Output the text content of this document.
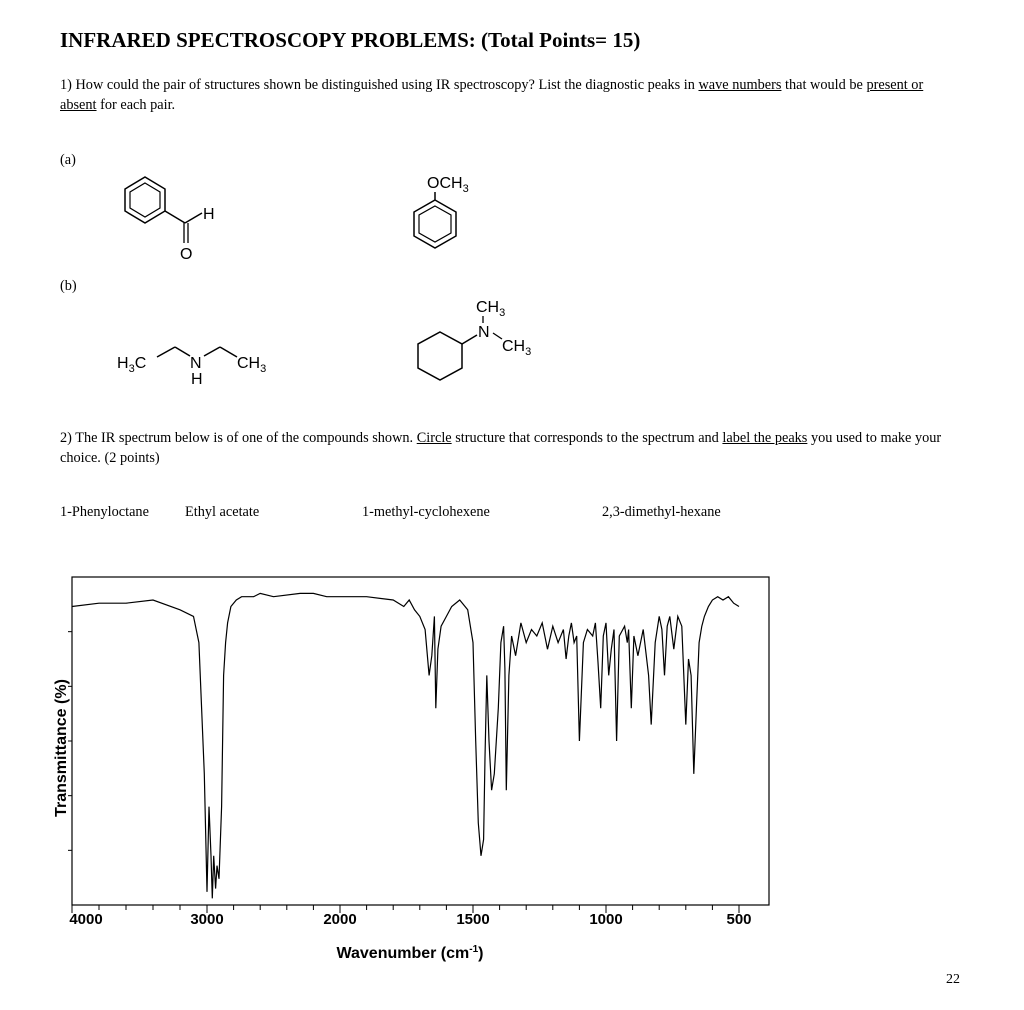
INFRARED SPECTROSCOPY PROBLEMS: (Total Points= 15)
1) How could the pair of structures shown be distinguished using IR spectroscopy? List the diagnostic peaks in wave numbers that would be present or absent for each pair.
(a)
(b)
H
O
$OCH_3$
$H_3C$	N
H
$CH_3$
$CH_3$
N
$CH_3$
2) The IR spectrum below is of one of the compounds shown. Circle structure that corresponds to the spectrum and label the peaks you used to make your choice. (2 points)
1-Phenyloctane	Ethyl acetate	1-methyl-cyclohexene	2,3-dimethyl-hexane
4000	3000	2000	1500	1000	500
Wavenumber $(cm^{-1})$
Transmittance (%)
22
